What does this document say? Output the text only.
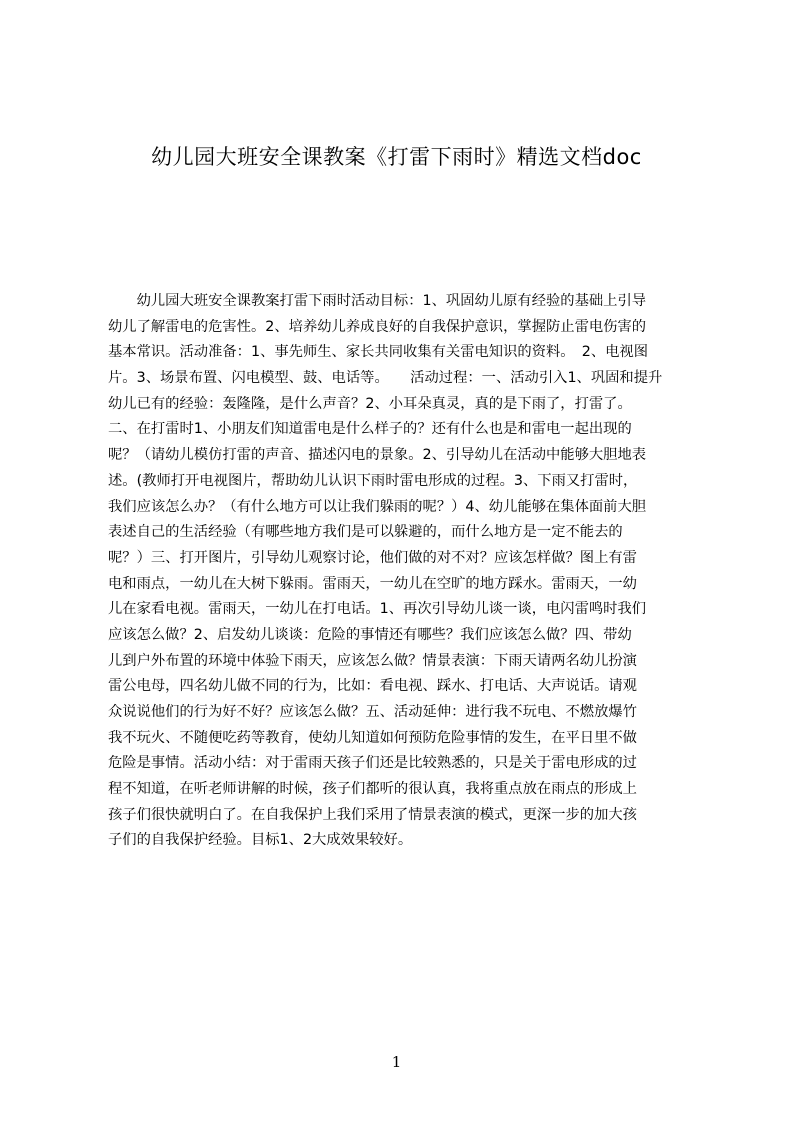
幼儿园大班安全课教案《打雷下雨时》精选文档doc
　　幼儿园大班安全课教案打雷下雨时活动目标：1、巩固幼儿原有经验的基础上引导
幼儿了解雷电的危害性。2、培养幼儿养成良好的自我保护意识，掌握防止雷电伤害的
基本常识。活动准备：1、事先师生、家长共同收集有关雷电知识的资料。　2、电视图
片。3、场景布置、闪电模型、鼓、电话等。　　活动过程：一、活动引入1、巩固和提升
幼儿已有的经验：轰隆隆，是什么声音？2、小耳朵真灵，真的是下雨了，打雷了。
二、在打雷时1、小朋友们知道雷电是什么样子的？还有什么也是和雷电一起出现的
呢？（请幼儿模仿打雷的声音、描述闪电的景象。2、引导幼儿在活动中能够大胆地表
述。(教师打开电视图片，帮助幼儿认识下雨时雷电形成的过程。3、下雨又打雷时，
我们应该怎么办？（有什么地方可以让我们躲雨的呢？）4、幼儿能够在集体面前大胆
表述自己的生活经验（有哪些地方我们是可以躲避的，而什么地方是一定不能去的
呢？）三、打开图片，引导幼儿观察讨论，他们做的对不对？应该怎样做？图上有雷
电和雨点，一幼儿在大树下躲雨。雷雨天，一幼儿在空旷的地方踩水。雷雨天，一幼
儿在家看电视。雷雨天，一幼儿在打电话。1、再次引导幼儿谈一谈，电闪雷鸣时我们
应该怎么做？2、启发幼儿谈谈：危险的事情还有哪些？我们应该怎么做？四、带幼
儿到户外布置的环境中体验下雨天，应该怎么做？情景表演：下雨天请两名幼儿扮演
雷公电母，四名幼儿做不同的行为，比如：看电视、踩水、打电话、大声说话。请观
众说说他们的行为好不好？应该怎么做？五、活动延伸：进行我不玩电、不燃放爆竹
我不玩火、不随便吃药等教育，使幼儿知道如何预防危险事情的发生，在平日里不做
危险是事情。活动小结：对于雷雨天孩子们还是比较熟悉的，只是关于雷电形成的过
程不知道，在听老师讲解的时候，孩子们都听的很认真，我将重点放在雨点的形成上
孩子们很快就明白了。在自我保护上我们采用了情景表演的模式，更深一步的加大孩
子们的自我保护经验。目标1、2大成效果较好。
1
